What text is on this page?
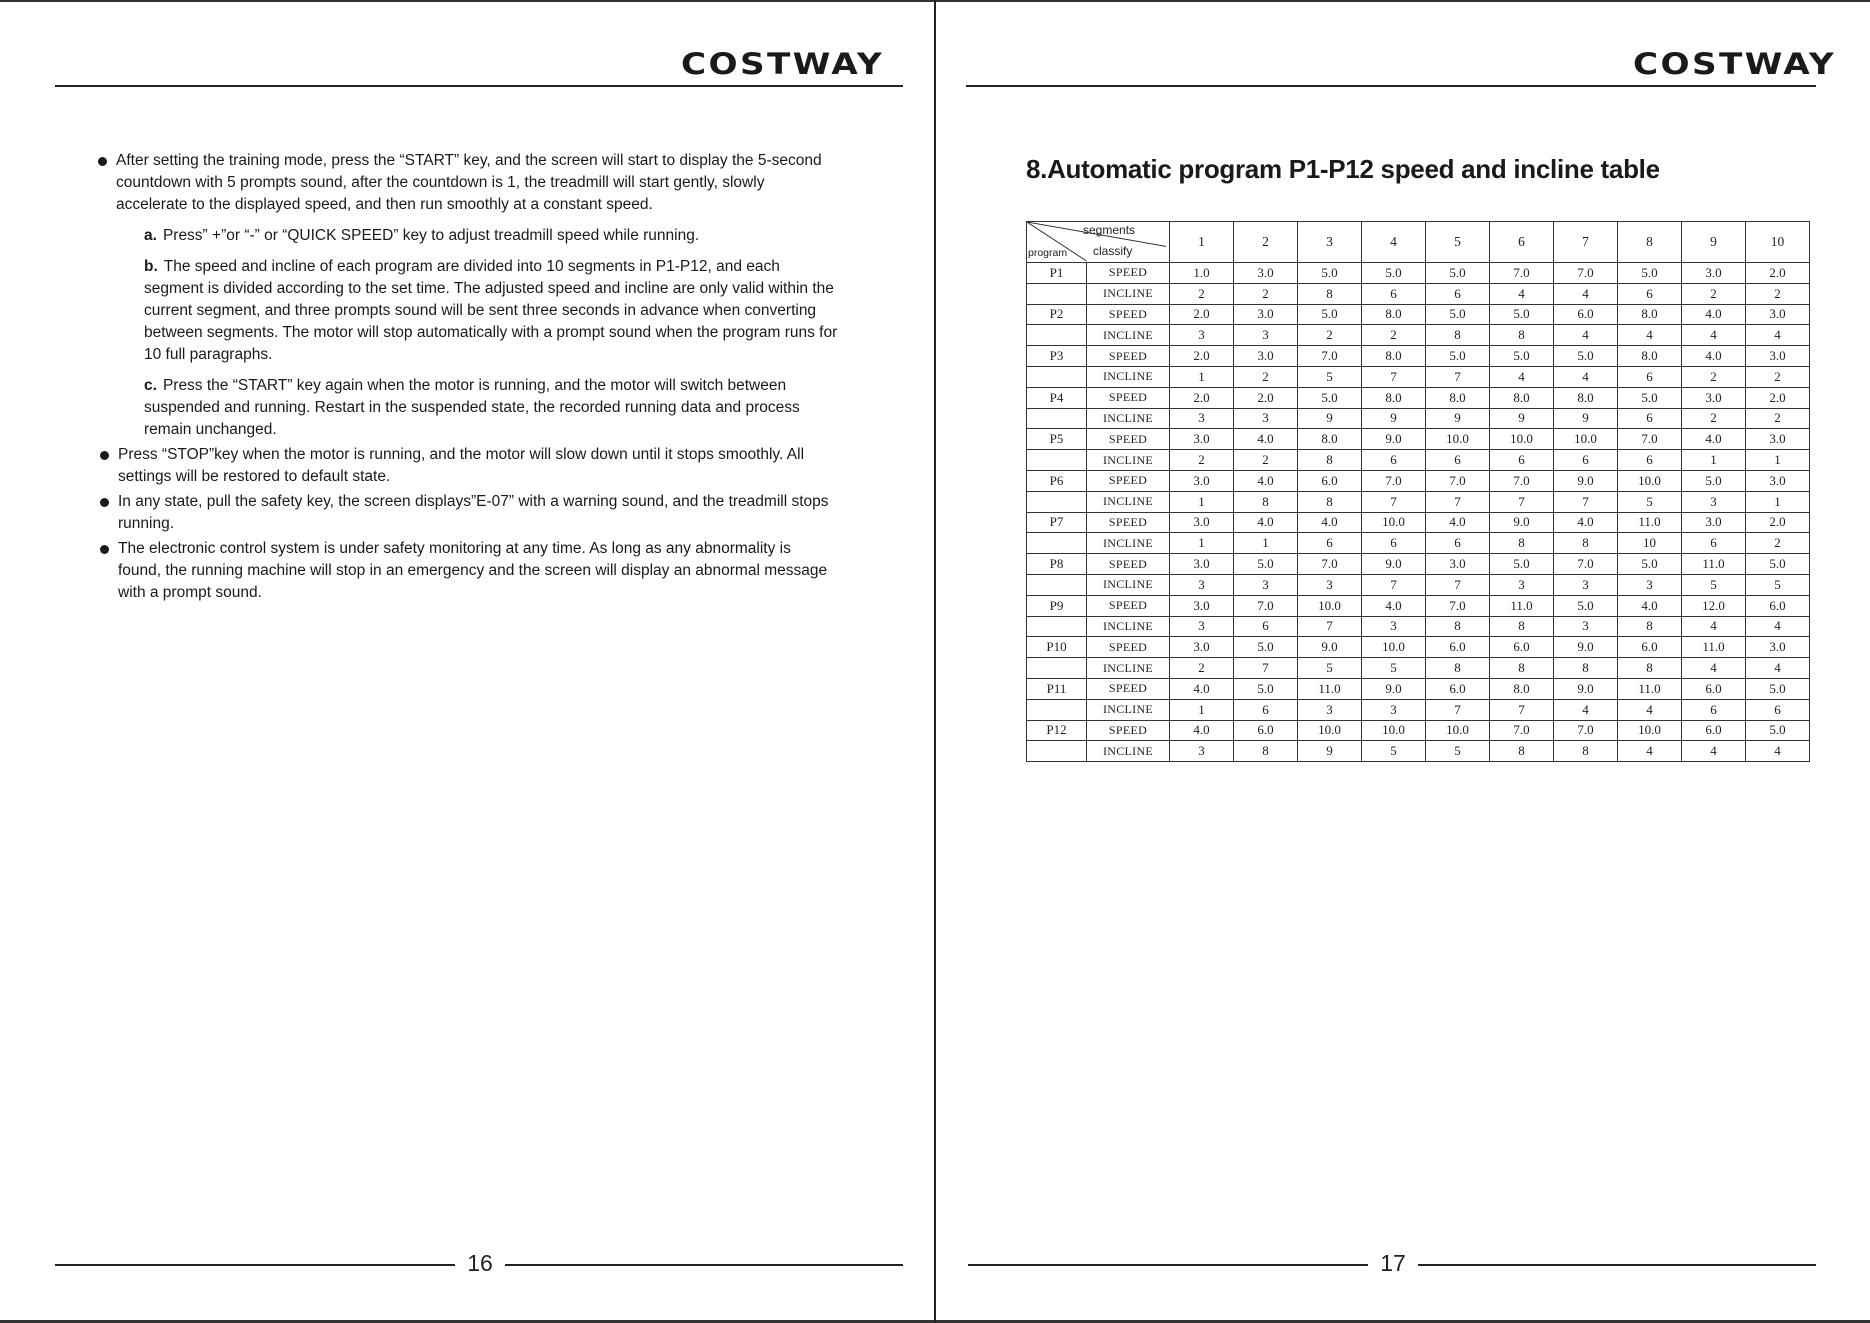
COSTWAY
After setting the training mode, press the “START” key, and the screen will start to display the 5-second countdown with 5 prompts sound, after the countdown is 1, the treadmill will start gently, slowly accelerate to the displayed speed, and then run smoothly at a constant speed.
a. Press” +”or “-” or “QUICK SPEED” key to adjust treadmill speed while running.
b. The speed and incline of each program are divided into 10 segments in P1-P12, and each segment is divided according to the set time. The adjusted speed and incline are only valid within the current segment, and three prompts sound will be sent three seconds in advance when converting between segments. The motor will stop automatically with a prompt sound when the program runs for 10 full paragraphs.
c. Press the “START” key again when the motor is running, and the motor will switch between suspended and running. Restart in the suspended state, the recorded running data and process remain unchanged.
Press “STOP”key when the motor is running, and the motor will slow down until it stops smoothly. All settings will be restored to default state.
In any state, pull the safety key, the screen displays”E-07” with a warning sound, and the treadmill stops running.
The electronic control system is under safety monitoring at any time. As long as any abnormality is found, the running machine will stop in an emergency and the screen will display an abnormal message with a prompt sound.
16
COSTWAY
8.Automatic program P1-P12 speed and incline table
segments
classify
program		1	2	3	4	5	6	7	8	9	10
P1	SPEED	1.0	3.0	5.0	5.0	5.0	7.0	7.0	5.0	3.0	2.0
	INCLINE	2	2	8	6	6	4	4	6	2	2
P2	SPEED	2.0	3.0	5.0	8.0	5.0	5.0	6.0	8.0	4.0	3.0
	INCLINE	3	3	2	2	8	8	4	4	4	4
P3	SPEED	2.0	3.0	7.0	8.0	5.0	5.0	5.0	8.0	4.0	3.0
	INCLINE	1	2	5	7	7	4	4	6	2	2
P4	SPEED	2.0	2.0	5.0	8.0	8.0	8.0	8.0	5.0	3.0	2.0
	INCLINE	3	3	9	9	9	9	9	6	2	2
P5	SPEED	3.0	4.0	8.0	9.0	10.0	10.0	10.0	7.0	4.0	3.0
	INCLINE	2	2	8	6	6	6	6	6	1	1
P6	SPEED	3.0	4.0	6.0	7.0	7.0	7.0	9.0	10.0	5.0	3.0
	INCLINE	1	8	8	7	7	7	7	5	3	1
P7	SPEED	3.0	4.0	4.0	10.0	4.0	9.0	4.0	11.0	3.0	2.0
	INCLINE	1	1	6	6	6	8	8	10	6	2
P8	SPEED	3.0	5.0	7.0	9.0	3.0	5.0	7.0	5.0	11.0	5.0
	INCLINE	3	3	3	7	7	3	3	3	5	5
P9	SPEED	3.0	7.0	10.0	4.0	7.0	11.0	5.0	4.0	12.0	6.0
	INCLINE	3	6	7	3	8	8	3	8	4	4
P10	SPEED	3.0	5.0	9.0	10.0	6.0	6.0	9.0	6.0	11.0	3.0
	INCLINE	2	7	5	5	8	8	8	8	4	4
P11	SPEED	4.0	5.0	11.0	9.0	6.0	8.0	9.0	11.0	6.0	5.0
	INCLINE	1	6	3	3	7	7	4	4	6	6
P12	SPEED	4.0	6.0	10.0	10.0	10.0	7.0	7.0	10.0	6.0	5.0
	INCLINE	3	8	9	5	5	8	8	4	4	4
17
